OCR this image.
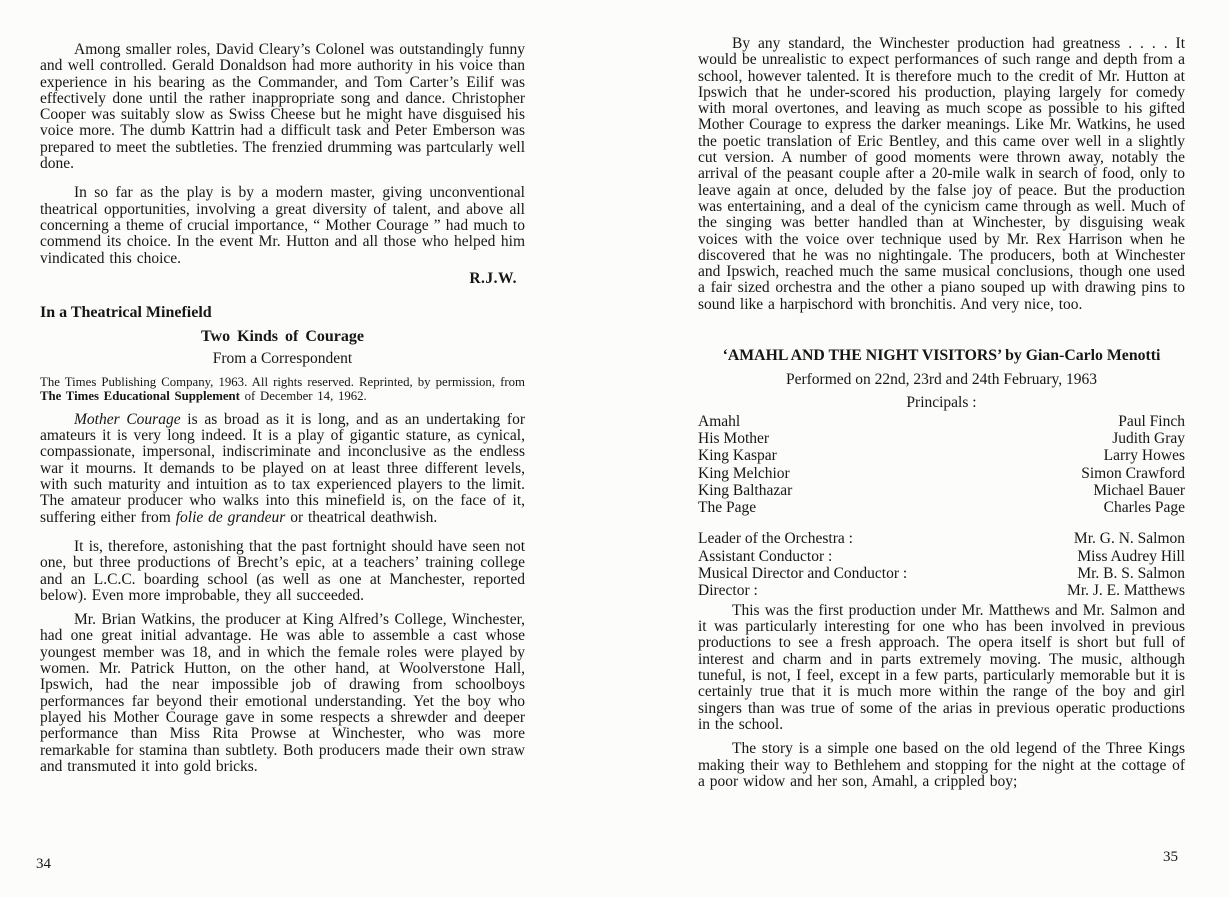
Among smaller roles, David Cleary’s Colonel was outstandingly funny and well controlled. Gerald Donaldson had more authority in his voice than experience in his bearing as the Commander, and Tom Carter’s Eilif was effectively done until the rather inappropriate song and dance. Christopher Cooper was suitably slow as Swiss Cheese but he might have disguised his voice more. The dumb Kattrin had a difficult task and Peter Emberson was prepared to meet the subtleties. The frenzied drumming was partcularly well done.

In so far as the play is by a modern master, giving unconventional theatrical opportunities, involving a great diversity of talent, and above all concerning a theme of crucial importance, “ Mother Courage ” had much to commend its choice. In the event Mr. Hutton and all those who helped him vindicated this choice.

R.J.W.
In a Theatrical Minefield
Two Kinds of Courage
From a Correspondent

The Times Publishing Company, 1963. All rights reserved. Reprinted, by permission, from The Times Educational Supplement of December 14, 1962.

Mother Courage is as broad as it is long, and as an undertaking for amateurs it is very long indeed. It is a play of gigantic stature, as cynical, compassionate, impersonal, indiscriminate and inconclusive as the endless war it mourns. It demands to be played on at least three different levels, with such maturity and intuition as to tax experienced players to the limit. The amateur producer who walks into this minefield is, on the face of it, suffering either from folie de grandeur or theatrical deathwish.

It is, therefore, astonishing that the past fortnight should have seen not one, but three productions of Brecht’s epic, at a teachers’ training college and an L.C.C. boarding school (as well as one at Manchester, reported below). Even more improbable, they all succeeded.

Mr. Brian Watkins, the producer at King Alfred’s College, Winchester, had one great initial advantage. He was able to assemble a cast whose youngest member was 18, and in which the female roles were played by women. Mr. Patrick Hutton, on the other hand, at Woolverstone Hall, Ipswich, had the near impossible job of drawing from schoolboys performances far beyond their emotional understanding. Yet the boy who played his Mother Courage gave in some respects a shrewder and deeper performance than Miss Rita Prowse at Winchester, who was more remarkable for stamina than subtlety. Both producers made their own straw and transmuted it into gold bricks.

By any standard, the Winchester production had greatness . . . . It would be unrealistic to expect performances of such range and depth from a school, however talented. It is therefore much to the credit of Mr. Hutton at Ipswich that he under-scored his production, playing largely for comedy with moral overtones, and leaving as much scope as possible to his gifted Mother Courage to express the darker meanings. Like Mr. Watkins, he used the poetic translation of Eric Bentley, and this came over well in a slightly cut version. A number of good moments were thrown away, notably the arrival of the peasant couple after a 20-mile walk in search of food, only to leave again at once, deluded by the false joy of peace. But the production was entertaining, and a deal of the cynicism came through as well. Much of the singing was better handled than at Winchester, by disguising weak voices with the voice over technique used by Mr. Rex Harrison when he discovered that he was no nightingale. The producers, both at Winchester and Ipswich, reached much the same musical conclusions, though one used a fair sized orchestra and the other a piano souped up with drawing pins to sound like a harpischord with bronchitis. And very nice, too.

‘AMAHL AND THE NIGHT VISITORS’ by Gian-Carlo Menotti
Performed on 22nd, 23rd and 24th February, 1963
Principals :
Amahl	Paul Finch
His Mother	Judith Gray
King Kaspar	Larry Howes
King Melchior	Simon Crawford
King Balthazar	Michael Bauer
The Page	Charles Page
Leader of the Orchestra :	Mr. G. N. Salmon
Assistant Conductor :	Miss Audrey Hill
Musical Director and Conductor :	Mr. B. S. Salmon
Director :	Mr. J. E. Matthews

This was the first production under Mr. Matthews and Mr. Salmon and it was particularly interesting for one who has been involved in previous productions to see a fresh approach. The opera itself is short but full of interest and charm and in parts extremely moving. The music, although tuneful, is not, I feel, except in a few parts, particularly memorable but it is certainly true that it is much more within the range of the boy and girl singers than was true of some of the arias in previous operatic productions in the school.

The story is a simple one based on the old legend of the Three Kings making their way to Bethlehem and stopping for the night at the cottage of a poor widow and her son, Amahl, a crippled boy;

34	35
